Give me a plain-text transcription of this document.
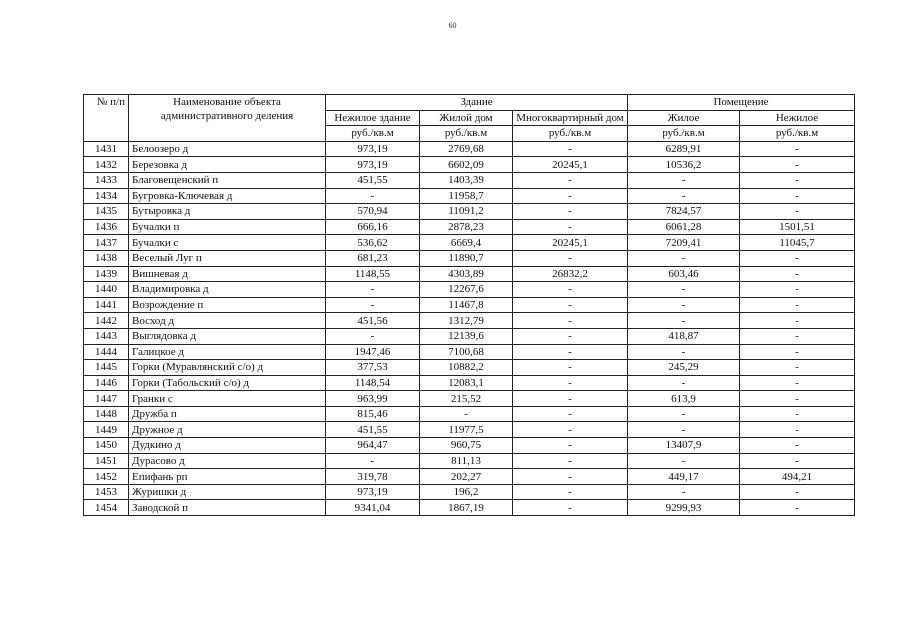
60
№ п/п	Наименование объекта административного деления	Здание			Помещение	
		Нежилое здание	Жилой дом	Многоквартирный дом	Жилое	Нежилое
		руб./кв.м	руб./кв.м	руб./кв.м	руб./кв.м	руб./кв.м
1431	Белоозеро д	973,19	2769,68	-	6289,91	-
1432	Березовка д	973,19	6602,09	20245,1	10536,2	-
1433	Благовещенский п	451,55	1403,39	-	-	-
1434	Бугровка-Ключевая д	-	11958,7	-	-	-
1435	Бутыровка д	570,94	11091,2	-	7824,57	-
1436	Бучалки п	666,16	2878,23	-	6061,28	1501,51
1437	Бучалки с	536,62	6669,4	20245,1	7209,41	11045,7
1438	Веселый Луг п	681,23	11890,7	-	-	-
1439	Вишневая д	1148,55	4303,89	26832,2	603,46	-
1440	Владимировка д	-	12267,6	-	-	-
1441	Возрождение п	-	11467,8	-	-	-
1442	Восход д	451,56	1312,79	-	-	-
1443	Выглядовка д	-	12139,6	-	418,87	-
1444	Галицкое д	1947,46	7100,68	-	-	-
1445	Горки (Муравлянский с/о) д	377,53	10882,2	-	245,29	-
1446	Горки (Табольский с/о) д	1148,54	12083,1	-	-	-
1447	Гранки с	963,99	215,52	-	613,9	-
1448	Дружба п	815,46	-	-	-	-
1449	Дружное д	451,55	11977,5	-	-	-
1450	Дудкино д	964,47	960,75	-	13407,9	-
1451	Дурасово д	-	811,13	-	-	-
1452	Епифань рп	319,78	202,27	-	449,17	494,21
1453	Журишки д	973,19	196,2	-	-	-
1454	Заводской п	9341,04	1867,19	-	9299,93	-
